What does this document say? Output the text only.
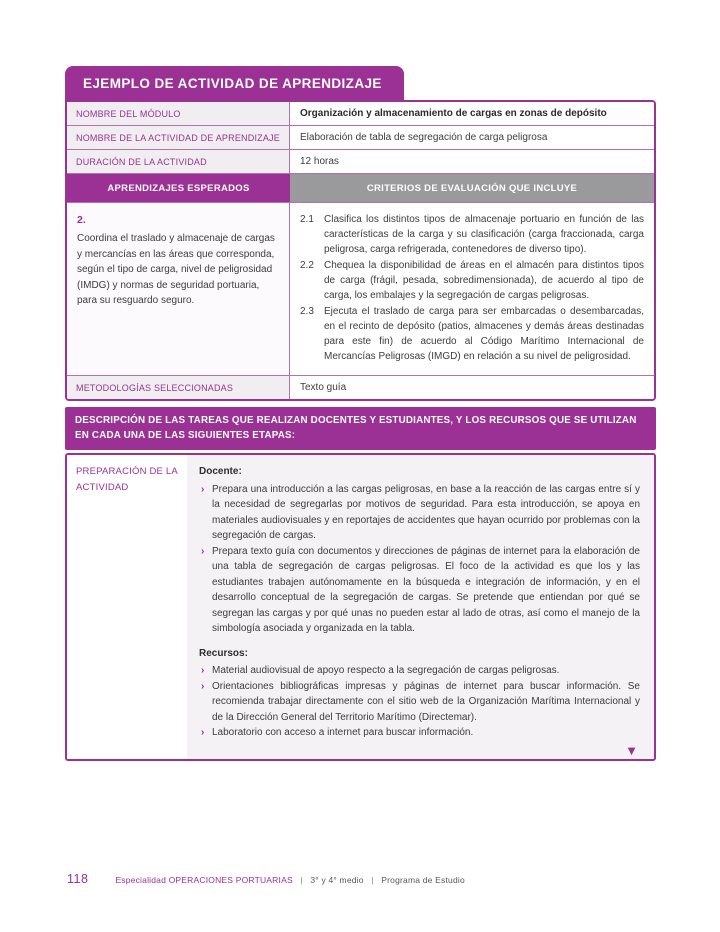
EJEMPLO DE ACTIVIDAD DE APRENDIZAJE
NOMBRE DEL MÓDULO	Organización y almacenamiento de cargas en zonas de depósito
NOMBRE DE LA ACTIVIDAD DE APRENDIZAJE	Elaboración de tabla de segregación de carga peligrosa
DURACIÓN DE LA ACTIVIDAD	12 horas
APRENDIZAJES ESPERADOS	CRITERIOS DE EVALUACIÓN QUE INCLUYE
2.
Coordina el traslado y almacenaje de cargas y mercancías en las áreas que corresponda, según el tipo de carga, nivel de peligrosidad (IMDG) y normas de seguridad portuaria, para su resguardo seguro.
2.1	Clasifica los distintos tipos de almacenaje portuario en función de las características de la carga y su clasificación (carga fraccionada, carga peligrosa, carga refrigerada, contenedores de diverso tipo).
2.2	Chequea la disponibilidad de áreas en el almacén para distintos tipos de carga (frágil, pesada, sobredimensionada), de acuerdo al tipo de carga, los embalajes y la segregación de cargas peligrosas.
2.3	Ejecuta el traslado de carga para ser embarcadas o desembarcadas, en el recinto de depósito (patios, almacenes y demás áreas destinadas para este fin) de acuerdo al Código Marítimo Internacional de Mercancías Peligrosas (IMGD) en relación a su nivel de peligrosidad.
METODOLOGÍAS SELECCIONADAS	Texto guía
DESCRIPCIÓN DE LAS TAREAS QUE REALIZAN DOCENTES Y ESTUDIANTES, Y LOS RECURSOS QUE SE UTILIZAN EN CADA UNA DE LAS SIGUIENTES ETAPAS:
PREPARACIÓN DE LA ACTIVIDAD
Docente:
› Prepara una introducción a las cargas peligrosas, en base a la reacción de las cargas entre sí y la necesidad de segregarlas por motivos de seguridad. Para esta introducción, se apoya en materiales audiovisuales y en reportajes de accidentes que hayan ocurrido por problemas con la segregación de cargas.
› Prepara texto guía con documentos y direcciones de páginas de internet para la elaboración de una tabla de segregación de cargas peligrosas. El foco de la actividad es que los y las estudiantes trabajen autónomamente en la búsqueda e integración de información, y en el desarrollo conceptual de la segregación de cargas. Se pretende que entiendan por qué se segregan las cargas y por qué unas no pueden estar al lado de otras, así como el manejo de la simbología asociada y organizada en la tabla.
Recursos:
› Material audiovisual de apoyo respecto a la segregación de cargas peligrosas.
› Orientaciones bibliográficas impresas y páginas de internet para buscar información. Se recomienda trabajar directamente con el sitio web de la Organización Marítima Internacional y de la Dirección General del Territorio Marítimo (Directemar).
› Laboratorio con acceso a internet para buscar información.
▼
118	Especialidad OPERACIONES PORTUARIAS | 3° y 4° medio | Programa de Estudio
